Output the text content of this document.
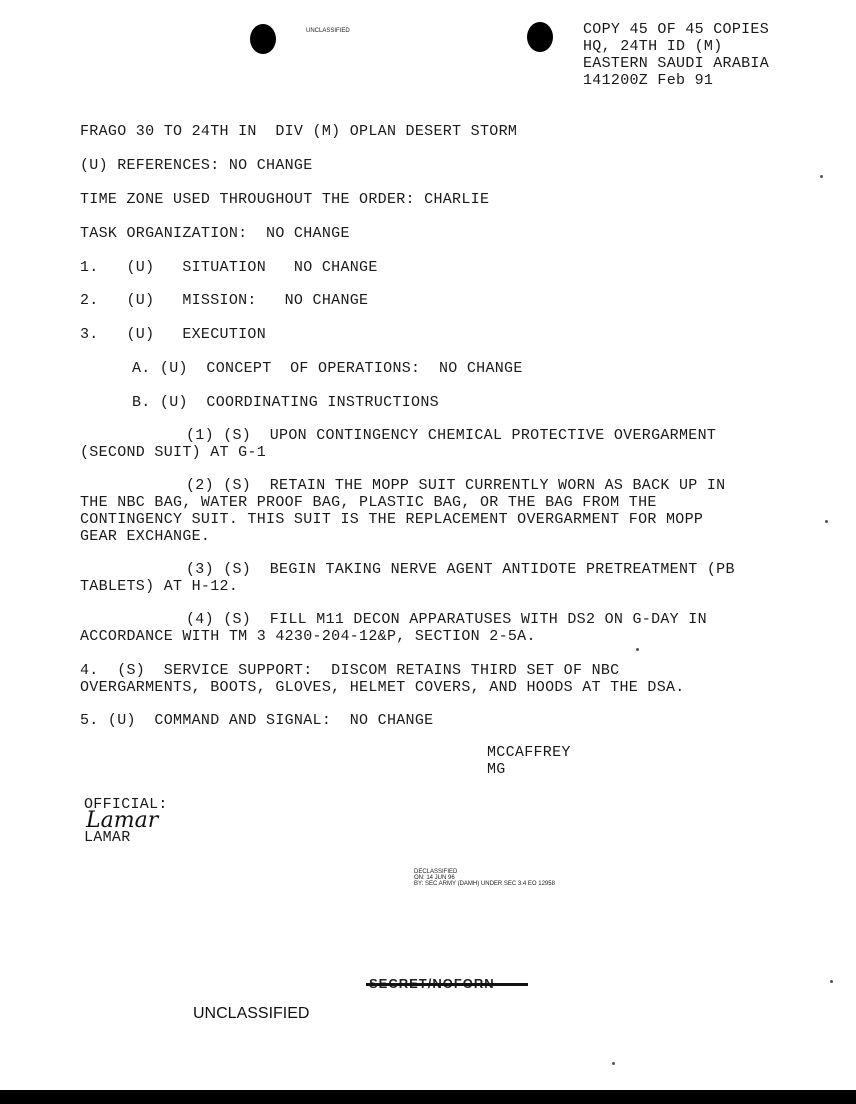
UNCLASSIFIED	COPY 45 OF 45 COPIES
HQ, 24TH ID (M)
EASTERN SAUDI ARABIA
141200Z Feb 91
FRAGO 30 TO 24TH IN  DIV (M) OPLAN DESERT STORM
(U) REFERENCES: NO CHANGE
TIME ZONE USED THROUGHOUT THE ORDER: CHARLIE
TASK ORGANIZATION:  NO CHANGE
1.   (U)   SITUATION   NO CHANGE
2.   (U)   MISSION:   NO CHANGE
3.   (U)   EXECUTION
A. (U)  CONCEPT  OF OPERATIONS:  NO CHANGE
B. (U)  COORDINATING INSTRUCTIONS
(1) (S)  UPON CONTINGENCY CHEMICAL PROTECTIVE OVERGARMENT
(SECOND SUIT) AT G-1
(2) (S)  RETAIN THE MOPP SUIT CURRENTLY WORN AS BACK UP IN
THE NBC BAG, WATER PROOF BAG, PLASTIC BAG, OR THE BAG FROM THE
CONTINGENCY SUIT. THIS SUIT IS THE REPLACEMENT OVERGARMENT FOR MOPP
GEAR EXCHANGE.
(3) (S)  BEGIN TAKING NERVE AGENT ANTIDOTE PRETREATMENT (PB
TABLETS) AT H-12.
(4) (S)  FILL M11 DECON APPARATUSES WITH DS2 ON G-DAY IN
ACCORDANCE WITH TM 3 4230-204-12&P, SECTION 2-5A.
4.  (S)  SERVICE SUPPORT:  DISCOM RETAINS THIRD SET OF NBC
OVERGARMENTS, BOOTS, GLOVES, HELMET COVERS, AND HOODS AT THE DSA.
5. (U)  COMMAND AND SIGNAL:  NO CHANGE
MCCAFFREY
MG
OFFICIAL:
Lamar
LAMAR
DECLASSIFIED
ON: 14 JUN 96
BY: SEC ARMY (DAMH) UNDER SEC 3.4 EO 12958
UNCLASSIFIED
